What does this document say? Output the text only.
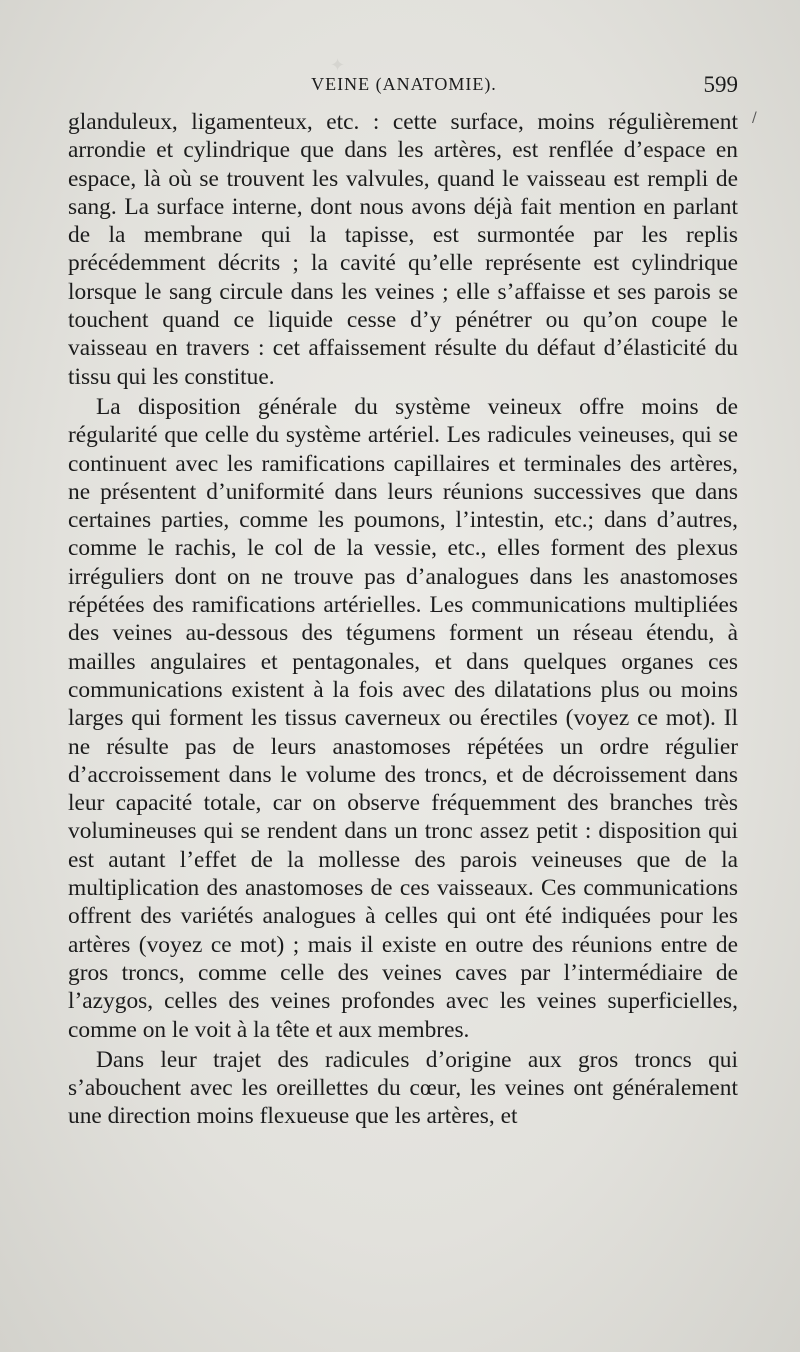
✦
/
VEINE (ANATOMIE).	599

glanduleux, ligamenteux, etc. : cette surface, moins régulièrement arrondie et cylindrique que dans les artères, est renflée d’espace en espace, là où se trouvent les valvules, quand le vaisseau est rempli de sang. La surface interne, dont nous avons déjà fait mention en parlant de la membrane qui la tapisse, est surmontée par les replis précédemment décrits ; la cavité qu’elle représente est cylindrique lorsque le sang circule dans les veines ; elle s’affaisse et ses parois se touchent quand ce liquide cesse d’y pénétrer ou qu’on coupe le vaisseau en travers : cet affaissement résulte du défaut d’élasticité du tissu qui les constitue.

La disposition générale du système veineux offre moins de régularité que celle du système artériel. Les radicules veineuses, qui se continuent avec les ramifications capillaires et terminales des artères, ne présentent d’uniformité dans leurs réunions successives que dans certaines parties, comme les poumons, l’intestin, etc.; dans d’autres, comme le rachis, le col de la vessie, etc., elles forment des plexus irréguliers dont on ne trouve pas d’analogues dans les anastomoses répétées des ramifications artérielles. Les communications multipliées des veines au-dessous des tégumens forment un réseau étendu, à mailles angulaires et pentagonales, et dans quelques organes ces communications existent à la fois avec des dilatations plus ou moins larges qui forment les tissus caverneux ou érectiles (voyez ce mot). Il ne résulte pas de leurs anastomoses répétées un ordre régulier d’accroissement dans le volume des troncs, et de décroissement dans leur capacité totale, car on observe fréquemment des branches très volumineuses qui se rendent dans un tronc assez petit : disposition qui est autant l’effet de la mollesse des parois veineuses que de la multiplication des anastomoses de ces vaisseaux. Ces communications offrent des variétés analogues à celles qui ont été indiquées pour les artères (voyez ce mot) ; mais il existe en outre des réunions entre de gros troncs, comme celle des veines caves par l’intermédiaire de l’azygos, celles des veines profondes avec les veines superficielles, comme on le voit à la tête et aux membres.

Dans leur trajet des radicules d’origine aux gros troncs qui s’abouchent avec les oreillettes du cœur, les veines ont généralement une direction moins flexueuse que les artères, et
